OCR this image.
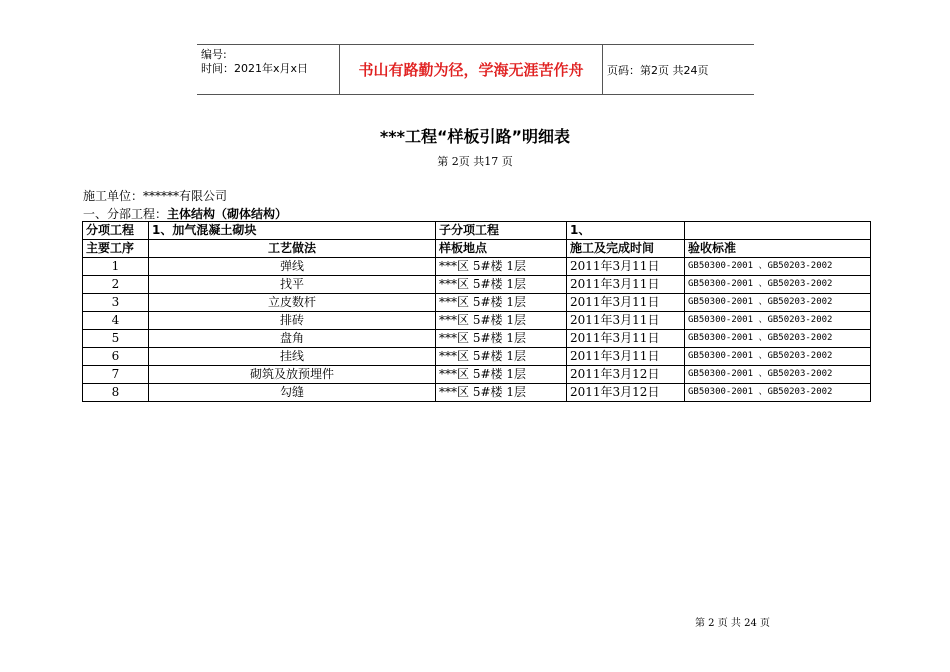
编号:
时间：2021年x月x日	书山有路勤为径，学海无涯苦作舟	页码：第2页 共24页
***工程“样板引路”明细表
第 2页 共17 页
施工单位：******有限公司
一、分部工程：主体结构（砌体结构）
分项工程	1、加气混凝土砌块	子分项工程	1、	
主要工序	工艺做法	样板地点	施工及完成时间	验收标准
1	弹线	***区 5#楼 1层	2011年3月11日	GB50300-2001 、GB50203-2002
2	找平	***区 5#楼 1层	2011年3月11日	GB50300-2001 、GB50203-2002
3	立皮数杆	***区 5#楼 1层	2011年3月11日	GB50300-2001 、GB50203-2002
4	排砖	***区 5#楼 1层	2011年3月11日	GB50300-2001 、GB50203-2002
5	盘角	***区 5#楼 1层	2011年3月11日	GB50300-2001 、GB50203-2002
6	挂线	***区 5#楼 1层	2011年3月11日	GB50300-2001 、GB50203-2002
7	砌筑及放预埋件	***区 5#楼 1层	2011年3月12日	GB50300-2001 、GB50203-2002
8	勾缝	***区 5#楼 1层	2011年3月12日	GB50300-2001 、GB50203-2002
第 2 页 共 24 页
